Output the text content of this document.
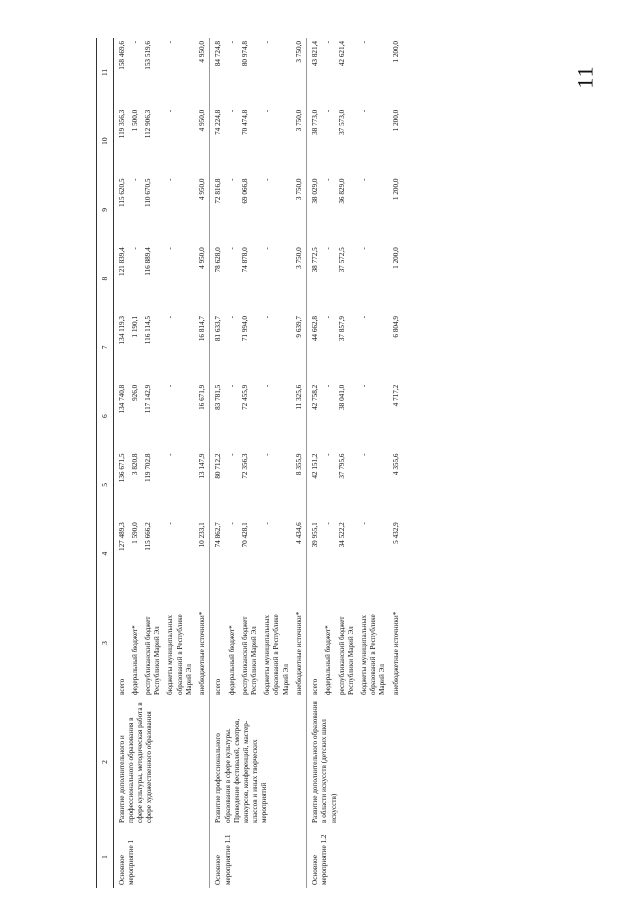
11
1	2	3	4	5	6	7	8	9	10	11
Основное мероприятие 1	Развитие дополнительного и профессионального образования в сфере культуры, методическая работа в сфере художественного образования	всего	127 489,3	136 671,5	134 740,8	134 119,3	121 839,4	115 620,5	119 356,3	158 469,6
		федеральный бюджет*	1 590,0	3 820,8	926,0	1 190,1	-	-	1 500,0	-
		республиканский бюджет Республики Марий Эл	115 666,2	119 702,8	117 142,9	116 114,5	116 889,4	110 670,5	112 906,3	153 519,6
		бюджеты муниципальных образований в Республике Марий Эл	-	-	-	-	-	-	-	-
		внебюджетные источники*	10 233,1	13 147,9	16 671,9	16 814,7	4 950,0	4 950,0	4 950,0	4 950,0
Основное мероприятие 1.1	Развитие профессионального образования в сфере культуры. Проведение фестивалей, смотров, конкурсов, конференций, мастер-классов и иных творческих мероприятий	всего	74 862,7	80 712,2	83 781,5	81 633,7	78 628,0	72 816,8	74 224,8	84 724,8
		федеральный бюджет*	-	-	-	-	-	-	-	-
		республиканский бюджет Республики Марий Эл	70 428,1	72 356,3	72 455,9	71 994,0	74 878,0	69 066,8	70 474,8	80 974,8
		бюджеты муниципальных образований в Республике Марий Эл	-	-	-	-	-	-	-	-
		внебюджетные источники*	4 434,6	8 355,9	11 325,6	9 639,7	3 750,0	3 750,0	3 750,0	3 750,0
Основное мероприятие 1.2	Развитие дополнительного образования в области искусств (детских школ искусств)	всего	39 955,1	42 151,2	42 758,2	44 662,8	38 772,5	38 029,0	38 773,0	43 821,4
		федеральный бюджет*	-	-	-	-	-	-	-	-
		республиканский бюджет Республики Марий Эл	34 522,2	37 795,6	38 041,0	37 857,9	37 572,5	36 829,0	37 573,0	42 621,4
		бюджеты муниципальных образований в Республике Марий Эл	-	-	-	-	-	-	-	-
		внебюджетные источники*	5 432,9	4 355,6	4 717,2	6 804,9	1 200,0	1 200,0	1 200,0	1 200,0
